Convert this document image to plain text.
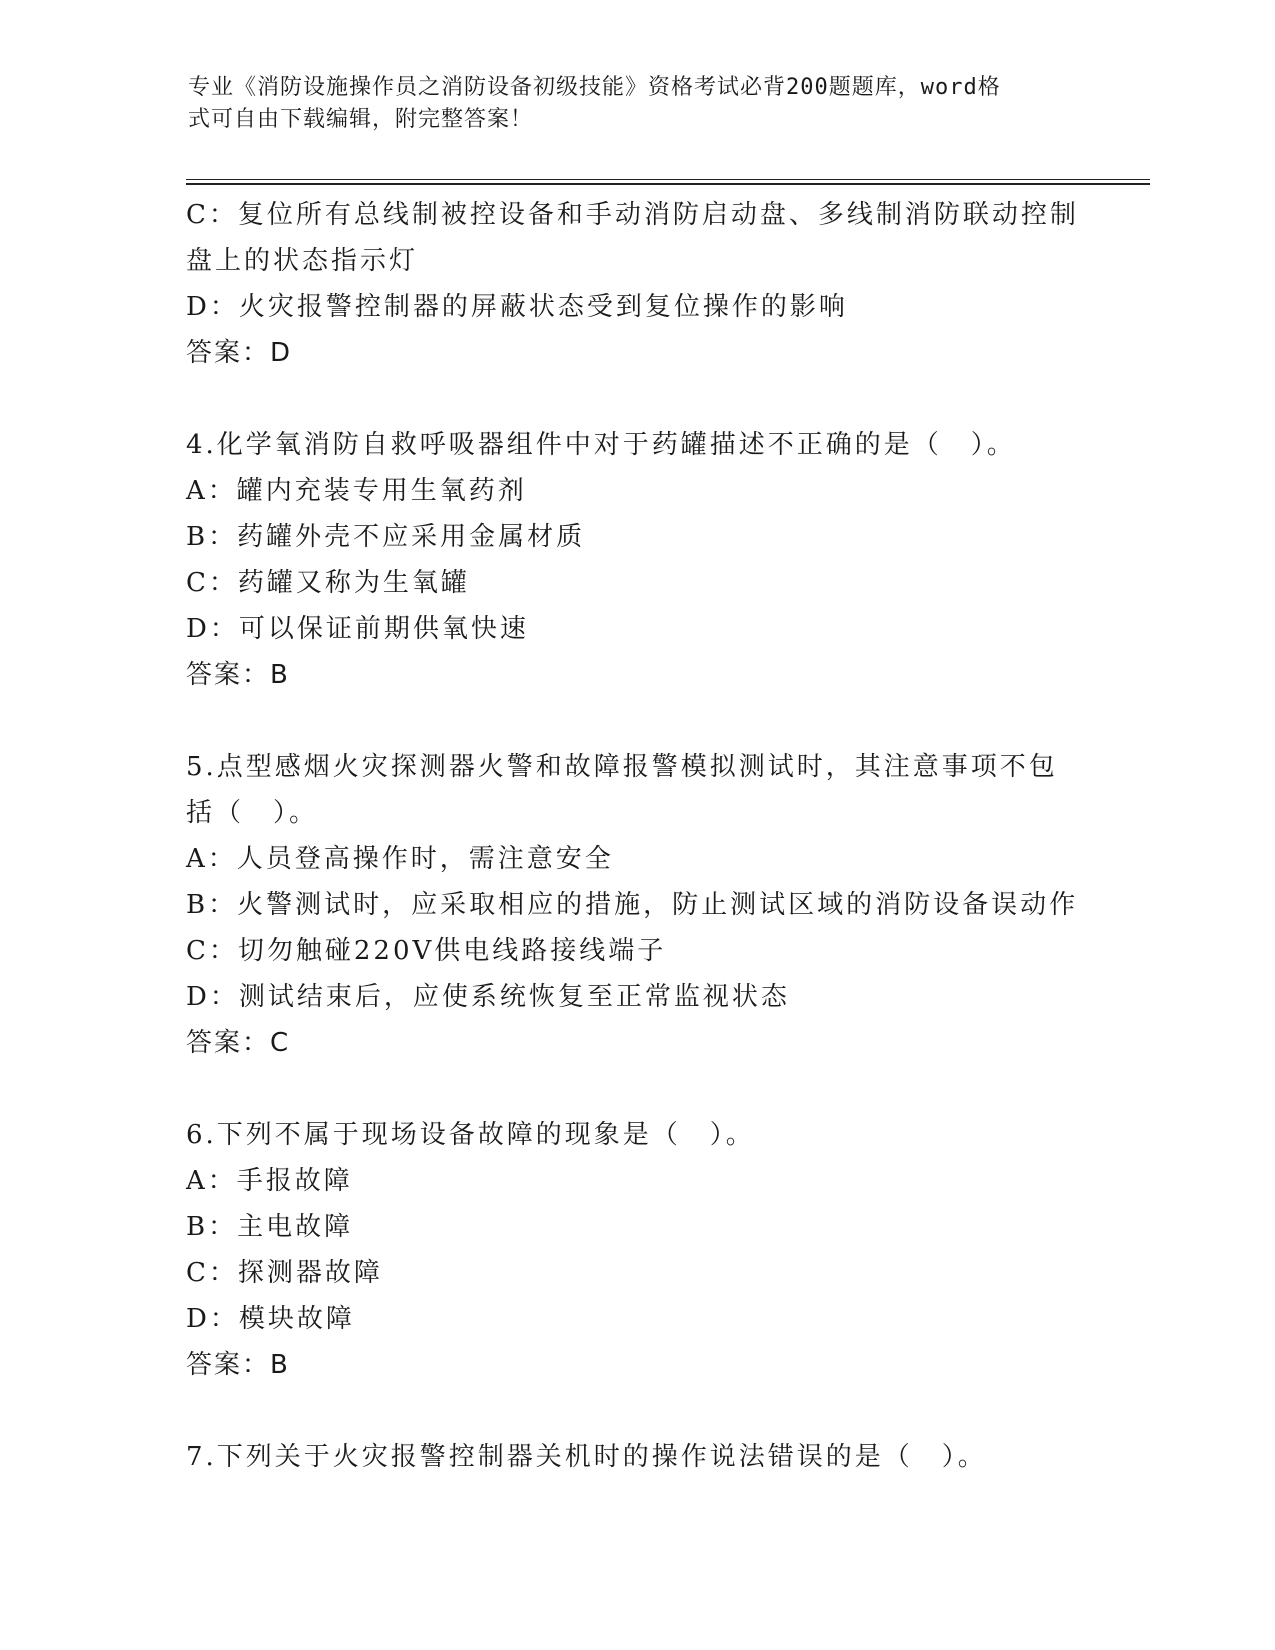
专业《消防设施操作员之消防设备初级技能》资格考试必背200题题库，word格
式可自由下载编辑，附完整答案！
C：复位所有总线制被控设备和手动消防启动盘、多线制消防联动控制
盘上的状态指示灯
D：火灾报警控制器的屏蔽状态受到复位操作的影响
答案：D
4.化学氧消防自救呼吸器组件中对于药罐描述不正确的是（　）。
A：罐内充装专用生氧药剂
B：药罐外壳不应采用金属材质
C：药罐又称为生氧罐
D：可以保证前期供氧快速
答案：B
5.点型感烟火灾探测器火警和故障报警模拟测试时，其注意事项不包
括（　）。
A：人员登高操作时，需注意安全
B：火警测试时，应采取相应的措施，防止测试区域的消防设备误动作
C：切勿触碰220V供电线路接线端子
D：测试结束后，应使系统恢复至正常监视状态
答案：C
6.下列不属于现场设备故障的现象是（　）。
A：手报故障
B：主电故障
C：探测器故障
D：模块故障
答案：B
7.下列关于火灾报警控制器关机时的操作说法错误的是（　）。
